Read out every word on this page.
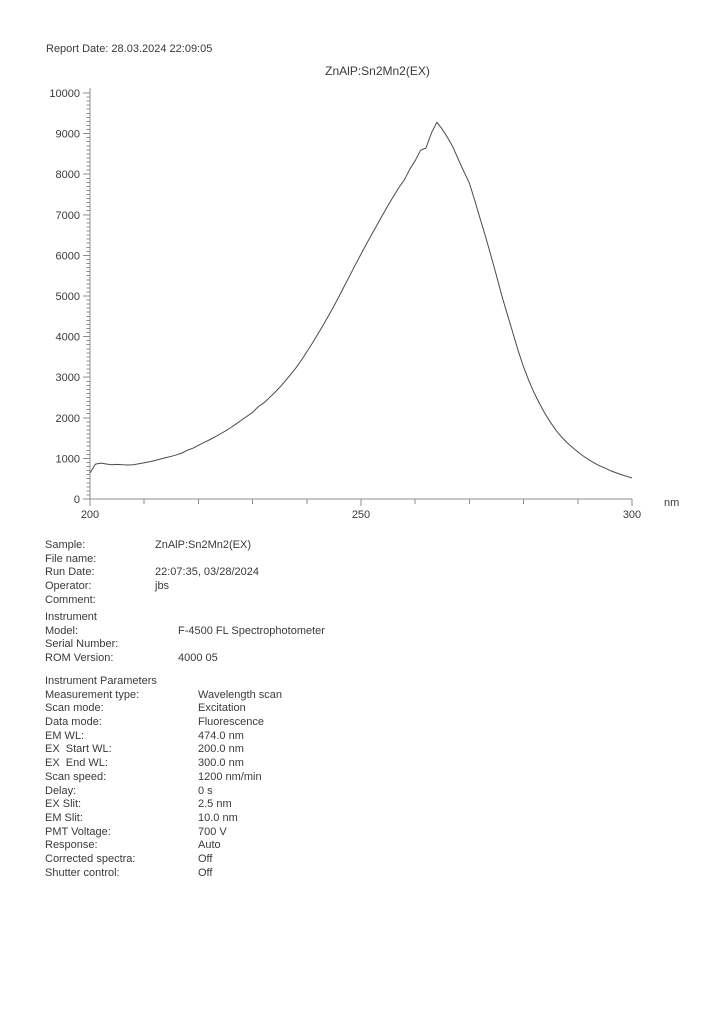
Report Date: 28.03.2024 22:09:05
ZnAlP:Sn2Mn2(EX)
0
1000
2000
3000
4000
5000
6000
7000
8000
9000
10000
200	250	300
nm
Sample:	ZnAlP:Sn2Mn2(EX)
File name:
Run Date:	22:07:35, 03/28/2024
Operator:	jbs
Comment:
Instrument
Model:	F-4500 FL Spectrophotometer
Serial Number:
ROM Version:	4000 05
Instrument Parameters
Measurement type:	Wavelength scan
Scan mode:	Excitation
Data mode:	Fluorescence
EM WL:	474.0 nm
EX  Start WL:	200.0 nm
EX  End WL:	300.0 nm
Scan speed:	1200 nm/min
Delay:	0 s
EX Slit:	2.5 nm
EM Slit:	10.0 nm
PMT Voltage:	700 V
Response:	Auto
Corrected spectra:	Off
Shutter control:	Off
